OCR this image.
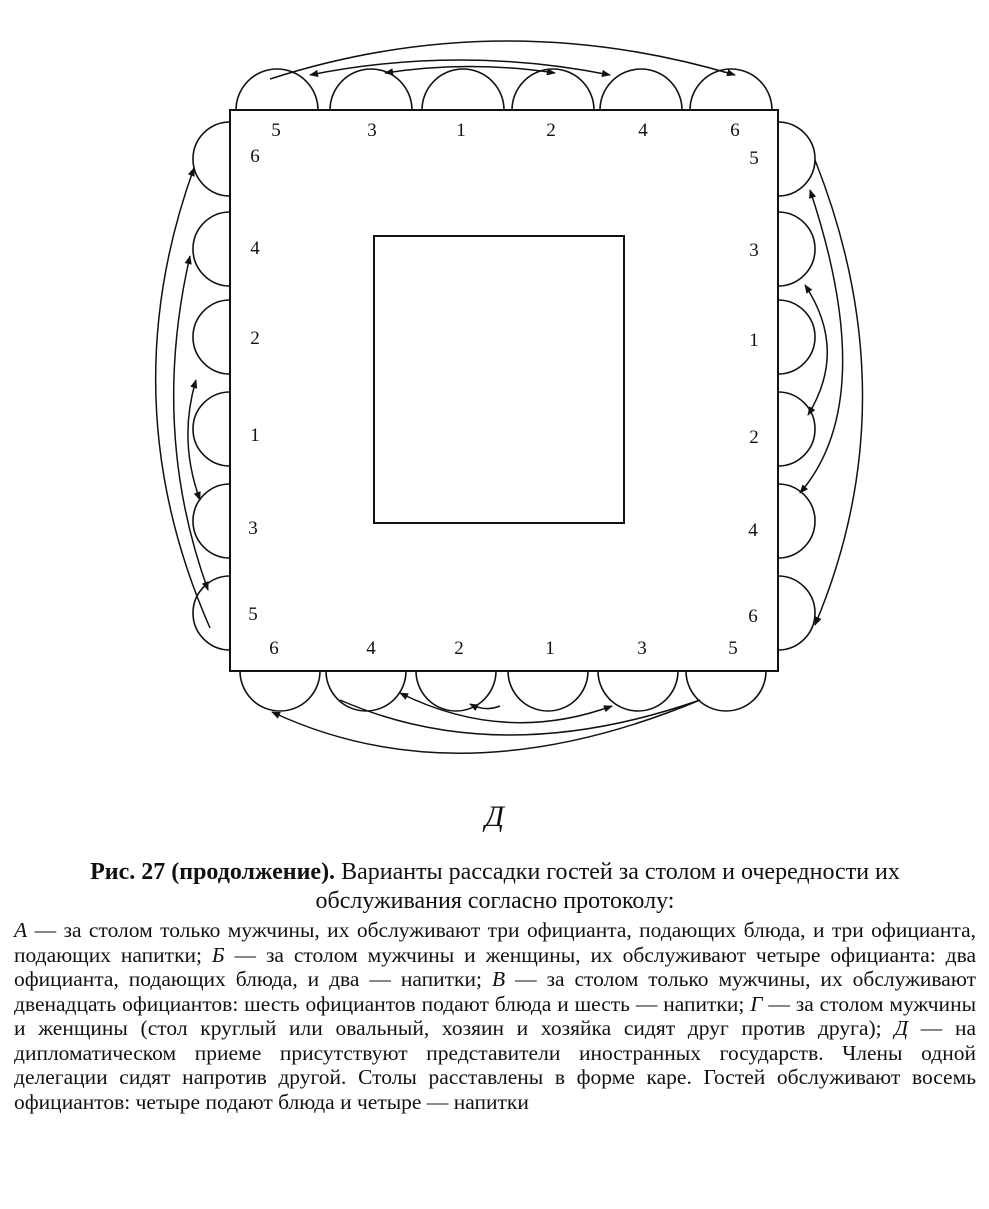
5	3	1	2	4	6
6	4	2	1	3	5
6
4
2
1
3
5
5
3
1
2
4
6
Д
Рис. 27 (продолжение). Варианты рассадки гостей за столом и очередности их обслуживания согласно протоколу:
А — за столом только мужчины, их обслуживают три официанта, подающих блюда, и три официанта, подающих напитки; Б — за столом мужчины и женщины, их обслуживают четыре официанта: два официанта, подающих блюда, и два — напитки; В — за столом только мужчины, их обслуживают двенадцать официантов: шесть официантов подают блюда и шесть — напитки; Г — за столом мужчины и женщины (стол круглый или овальный, хозяин и хозяйка сидят друг против друга); Д — на дипломатическом приеме присутствуют представители иностранных государств. Члены одной делегации сидят напротив другой. Столы расставлены в форме каре. Гостей обслуживают восемь официантов: четыре подают блюда и четыре — напитки
